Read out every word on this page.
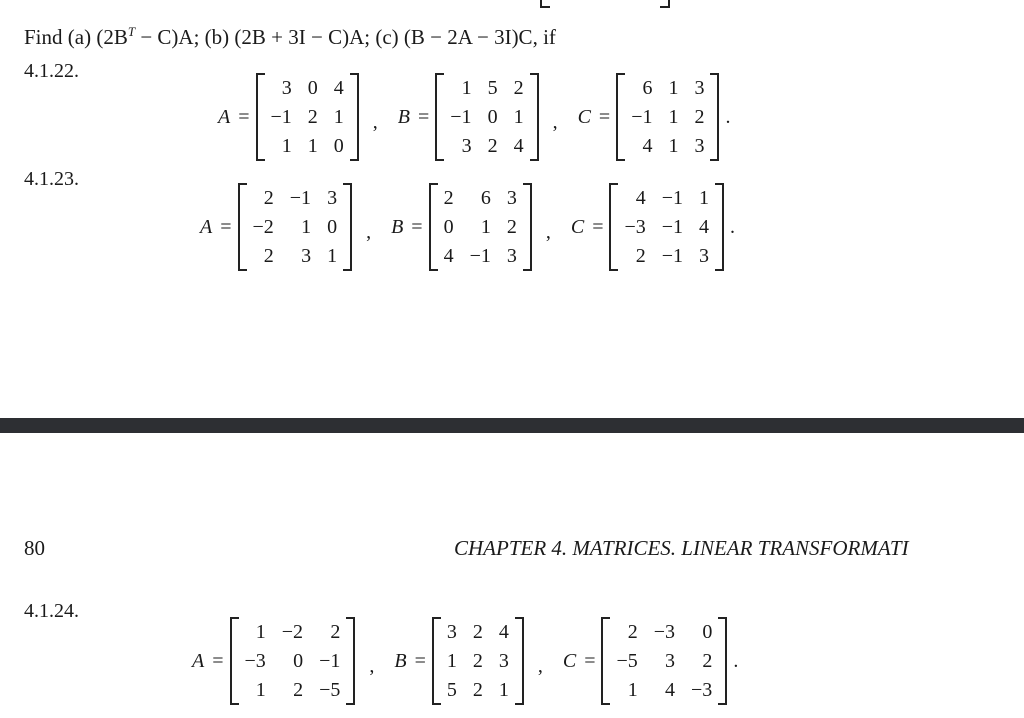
Find (a) $(2B^T - C)A$; (b) (2B + 3I − C)A; (c) (B − 2A − 3I)C, if
4.1.22.
A =
3 0 4
−1 2 1
1 1 0
, B =
1 5 2
−1 0 1
3 2 4
, C =
6 1 3
−1 1 2
4 1 3
.
4.1.23.
A =
2 −1 3
−2 1 0
2 3 1
, B =
2 6 3
0 1 2
4 −1 3
, C =
4 −1 1
−3 −1 4
2 −1 3
.
80	CHAPTER 4. MATRICES. LINEAR TRANSFORMATI
4.1.24.
A =
1 −2 2
−3 0 −1
1 2 −5
, B =
3 2 4
1 2 3
5 2 1
, C =
2 −3 0
−5 3 2
1 4 −3
.
